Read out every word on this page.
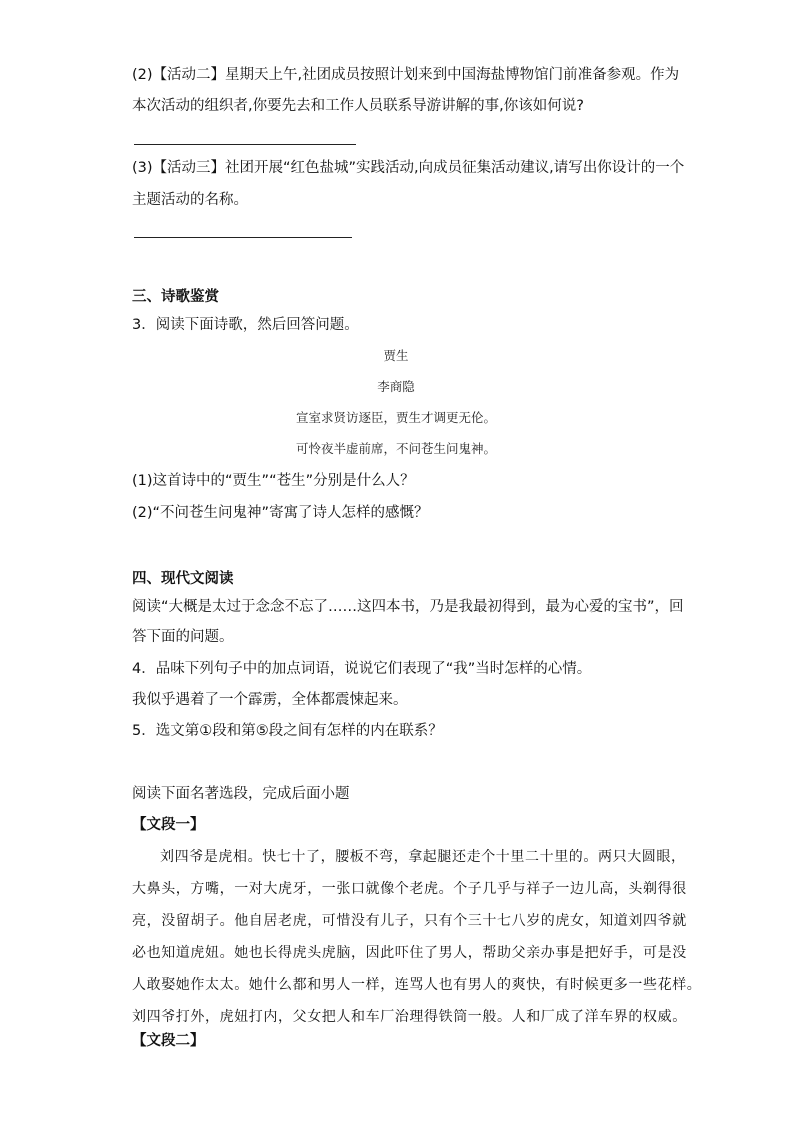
(2)【活动二】星期天上午,社团成员按照计划来到中国海盐博物馆门前准备参观。作为

本次活动的组织者,你要先去和工作人员联系导游讲解的事,你该如何说?

(3)【活动三】社团开展“红色盐城”实践活动,向成员征集活动建议,请写出你设计的一个

主题活动的名称。

三、诗歌鉴赏

3．阅读下面诗歌，然后回答问题。

贾生

李商隐

宣室求贤访逐臣，贾生才调更无伦。

可怜夜半虚前席，不问苍生问鬼神。

(1)这首诗中的“贾生”“苍生”分别是什么人？

(2)“不问苍生问鬼神”寄寓了诗人怎样的感慨？

四、现代文阅读

阅读“大概是太过于念念不忘了……这四本书，乃是我最初得到，最为心爱的宝书”，回

答下面的问题。

4．品味下列句子中的加点词语，说说它们表现了“我”当时怎样的心情。

我似乎遇着了一个霹雳，全体都震悚起来。

5．选文第①段和第⑤段之间有怎样的内在联系？

阅读下面名著选段，完成后面小题

【文段一】

刘四爷是虎相。快七十了，腰板不弯，拿起腿还走个十里二十里的。两只大圆眼，

大鼻头，方嘴，一对大虎牙，一张口就像个老虎。个子几乎与祥子一边儿高，头剃得很

亮，没留胡子。他自居老虎，可惜没有儿子，只有个三十七八岁的虎女，知道刘四爷就

必也知道虎妞。她也长得虎头虎脑，因此吓住了男人，帮助父亲办事是把好手，可是没

人敢娶她作太太。她什么都和男人一样，连骂人也有男人的爽快，有时候更多一些花样。

刘四爷打外，虎妞打内，父女把人和车厂治理得铁筒一般。人和厂成了洋车界的权威。

【文段二】
